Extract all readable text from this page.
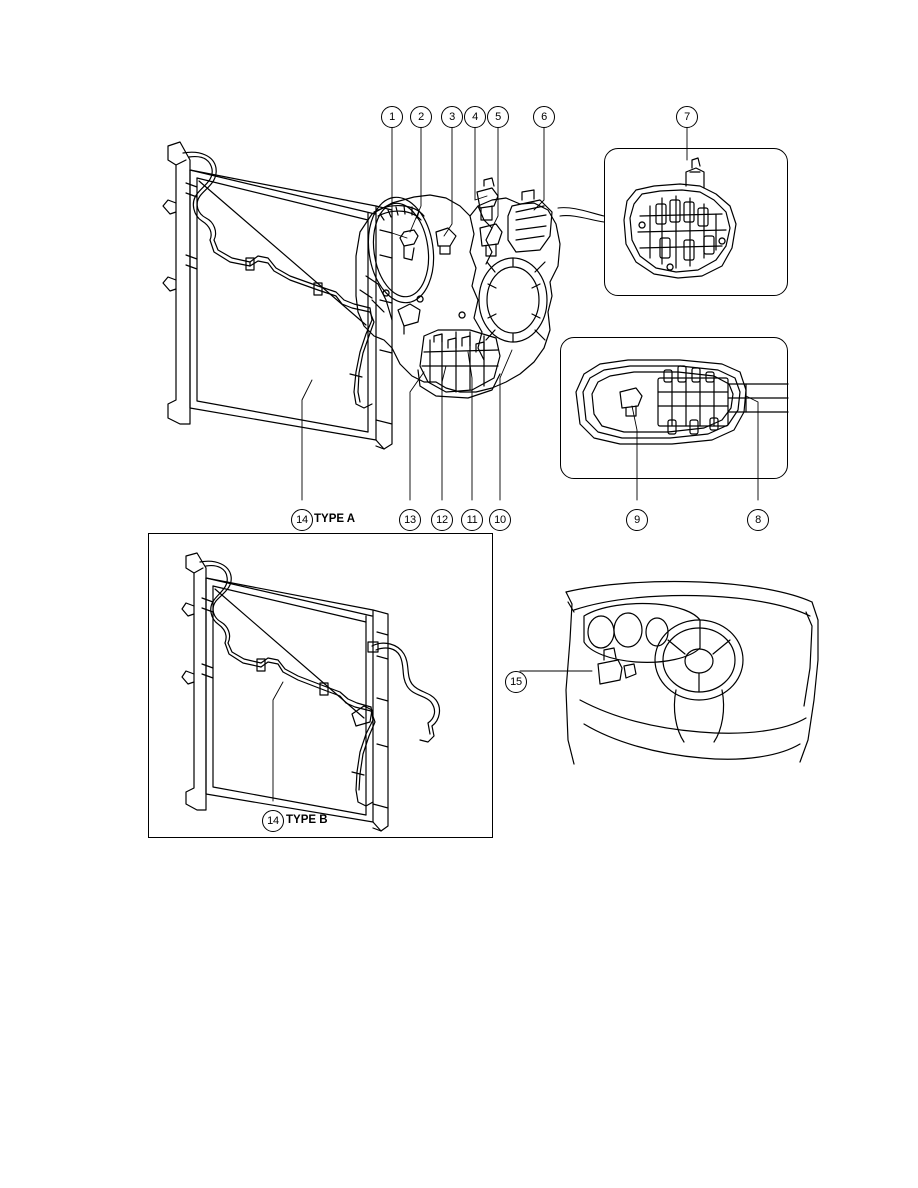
1	2	3	4	5	6	7
8
9
10
11
12
13
14
14
15
TYPE A
TYPE B
